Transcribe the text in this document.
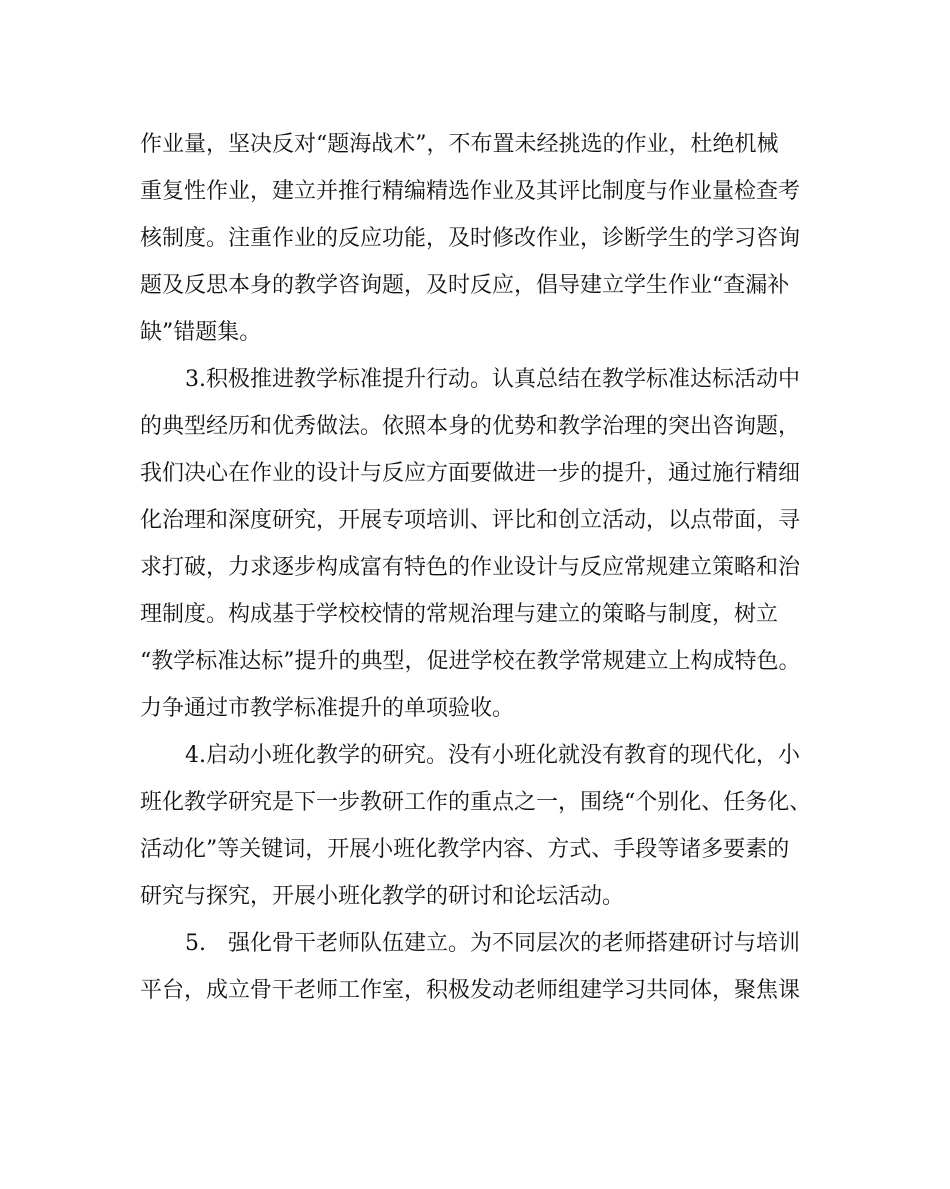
作业量，坚决反对“题海战术”，不布置未经挑选的作业，杜绝机械
重复性作业，建立并推行精编精选作业及其评比制度与作业量检查考
核制度。注重作业的反应功能，及时修改作业，诊断学生的学习咨询
题及反思本身的教学咨询题，及时反应，倡导建立学生作业“查漏补
缺”错题集。
3.积极推进教学标准提升行动。认真总结在教学标准达标活动中
的典型经历和优秀做法。依照本身的优势和教学治理的突出咨询题，
我们决心在作业的设计与反应方面要做进一步的提升，通过施行精细
化治理和深度研究，开展专项培训、评比和创立活动，以点带面，寻
求打破，力求逐步构成富有特色的作业设计与反应常规建立策略和治
理制度。构成基于学校校情的常规治理与建立的策略与制度，树立
“教学标准达标”提升的典型，促进学校在教学常规建立上构成特色。
力争通过市教学标准提升的单项验收。
4.启动小班化教学的研究。没有小班化就没有教育的现代化，小
班化教学研究是下一步教研工作的重点之一，围绕“个别化、任务化、
活动化”等关键词，开展小班化教学内容、方式、手段等诸多要素的
研究与探究，开展小班化教学的研讨和论坛活动。
5.　强化骨干老师队伍建立。为不同层次的老师搭建研讨与培训
平台，成立骨干老师工作室，积极发动老师组建学习共同体，聚焦课
